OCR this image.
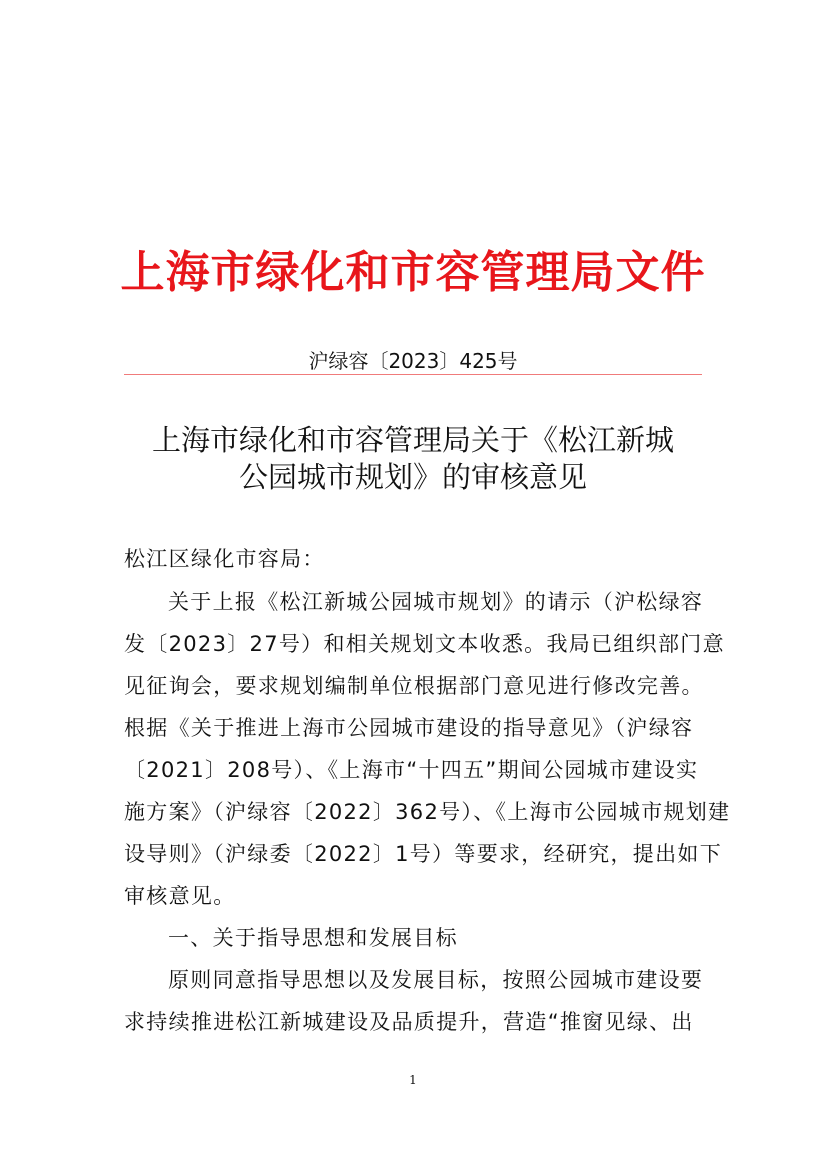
上海市绿化和市容管理局文件
沪绿容〔2023〕425号
上海市绿化和市容管理局关于《松江新城
公园城市规划》的审核意见
松江区绿化市容局：
关于上报《松江新城公园城市规划》的请示（沪松绿容
发〔2023〕27号）和相关规划文本收悉。我局已组织部门意
见征询会，要求规划编制单位根据部门意见进行修改完善。
根据《关于推进上海市公园城市建设的指导意见》（沪绿容
〔2021〕208号）、《上海市“十四五”期间公园城市建设实
施方案》（沪绿容〔2022〕362号）、《上海市公园城市规划建
设导则》（沪绿委〔2022〕1号）等要求，经研究，提出如下
审核意见。
一、关于指导思想和发展目标
原则同意指导思想以及发展目标，按照公园城市建设要
求持续推进松江新城建设及品质提升，营造“推窗见绿、出
1
